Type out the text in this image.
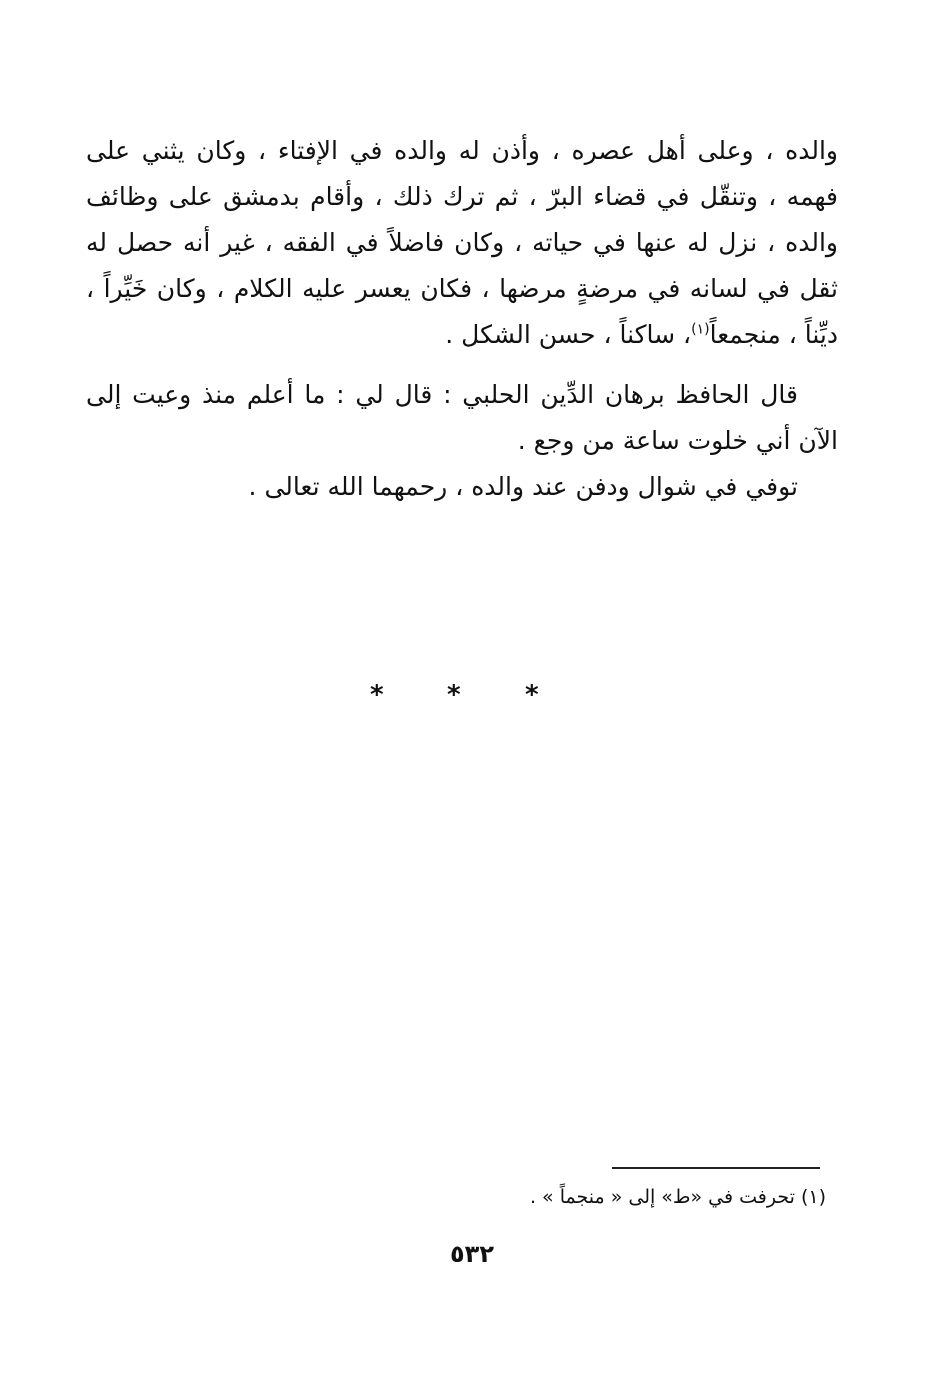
والده ، وعلى أهل عصره ، وأذن له والده في الإفتاء ، وكان يثني على فهمه ، وتنقّل في قضاء البرّ ، ثم ترك ذلك ، وأقام بدمشق على وظائف والده ، نزل له عنها في حياته ، وكان فاضلاً في الفقه ، غير أنه حصل له ثقل في لسانه في مرضةٍ مرضها ، فكان يعسر عليه الكلام ، وكان خَيِّراً ، ديِّناً ، منجمعاً$^{(١)}$، ساكناً ، حسن الشكل .

قال الحافظ برهان الدِّين الحلبي : قال لي : ما أعلم منذ وعيت إلى الآن أني خلوت ساعة من وجع .

توفي في شوال ودفن عند والده ، رحمهما الله تعالى .

* * *
(١) تحرفت في «ط» إلى « منجماً » .
٥٣٢
